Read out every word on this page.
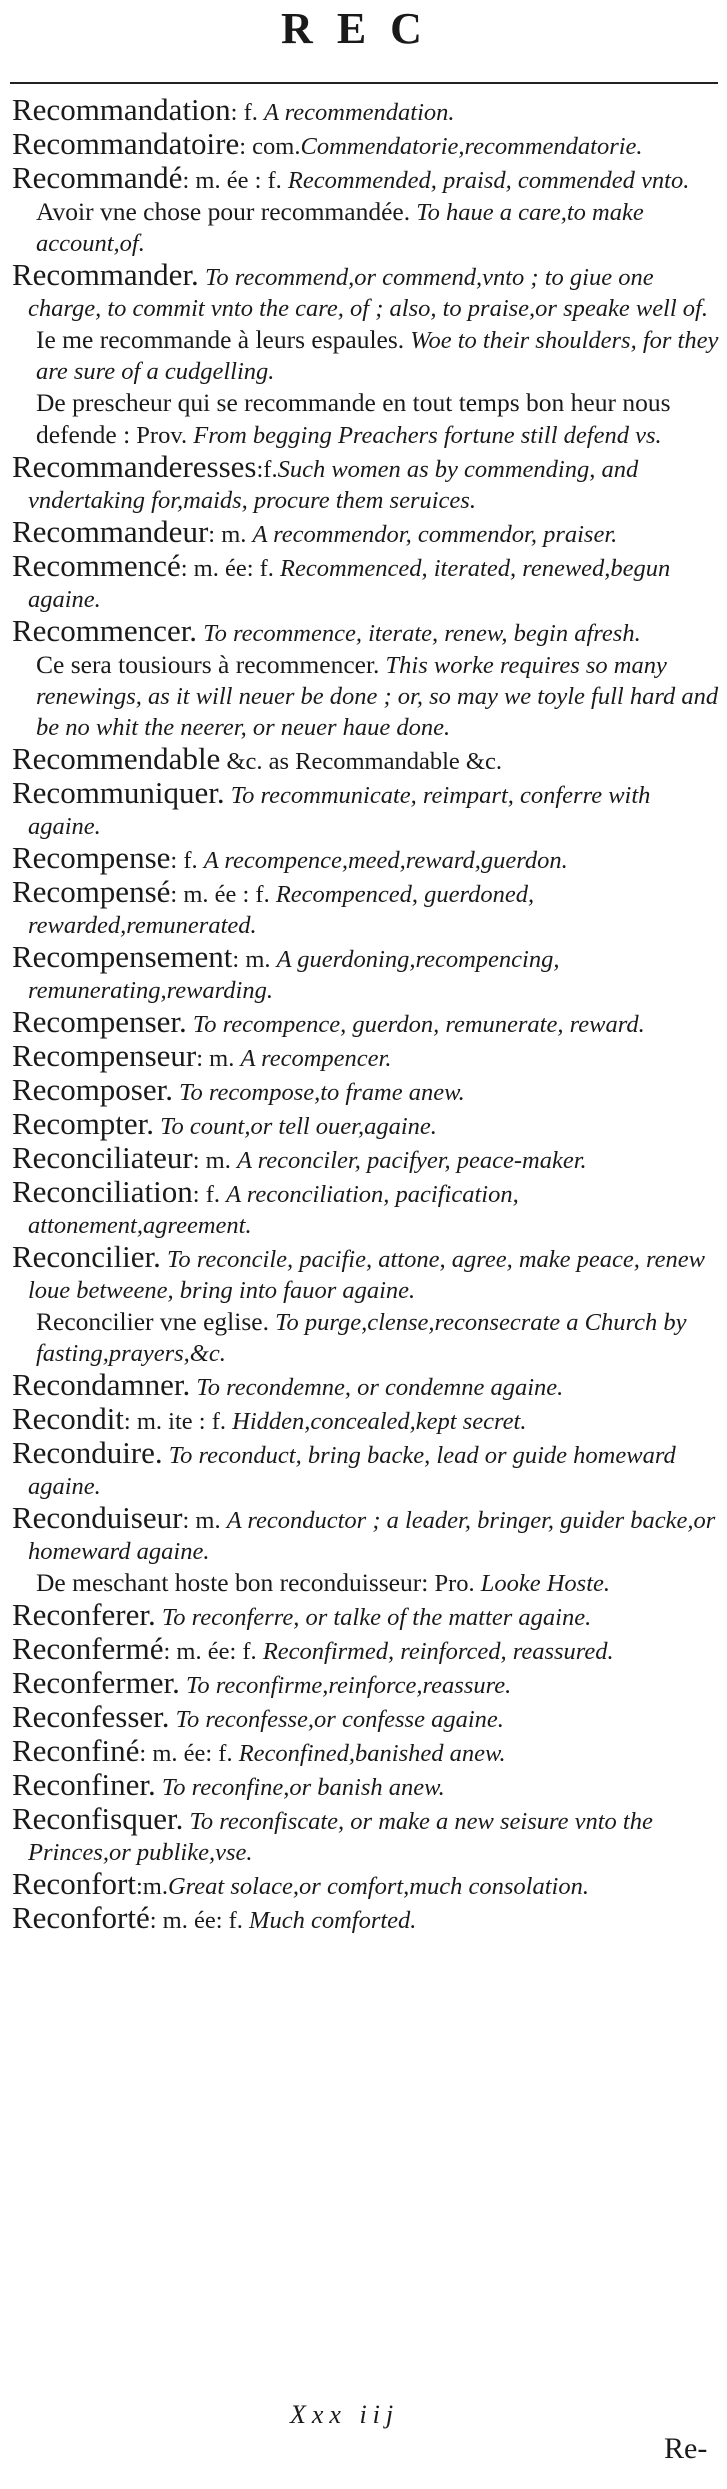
REC

Recommandation: f. A recommendation.

Recommandatoire: com.Commendatorie,recommendatorie.

Recommandé: m. ée : f. Recommended, praisd, commended vnto.

Avoir vne chose pour recommandée. To haue a care,to make account,of.

Recommander. To recommend,or commend,vnto ; to giue one charge, to commit vnto the care, of ; also, to praise,or speake well of.

Ie me recommande à leurs espaules. Woe to their shoulders, for they are sure of a cudgelling.

De prescheur qui se recommande en tout temps bon heur nous defende : Prov. From begging Preachers fortune still defend vs.

Recommanderesses:f.Such women as by commending, and vndertaking for,maids, procure them seruices.

Recommandeur: m. A recommendor, commendor, praiser.

Recommencé: m. ée: f. Recommenced, iterated, renewed,begun againe.

Recommencer. To recommence, iterate, renew, begin afresh.

Ce sera tousiours à recommencer. This worke requires so many renewings, as it will neuer be done ; or, so may we toyle full hard and be no whit the neerer, or neuer haue done.

Recommendable &c. as Recommandable &c.

Recommuniquer. To recommunicate, reimpart, conferre with againe.

Recompense: f. A recompence,meed,reward,guerdon.

Recompensé: m. ée : f. Recompenced, guerdoned, rewarded,remunerated.

Recompensement: m. A guerdoning,recompencing, remunerating,rewarding.

Recompenser. To recompence, guerdon, remunerate, reward.

Recompenseur: m. A recompencer.

Recomposer. To recompose,to frame anew.

Recompter. To count,or tell ouer,againe.

Reconciliateur: m. A reconciler, pacifyer, peace-maker.

Reconciliation: f. A reconciliation, pacification, attonement,agreement.

Reconcilier. To reconcile, pacifie, attone, agree, make peace, renew loue betweene, bring into fauor againe.

Reconcilier vne eglise. To purge,clense,reconsecrate a Church by fasting,prayers,&c.

Recondamner. To recondemne, or condemne againe.

Recondit: m. ite : f. Hidden,concealed,kept secret.

Reconduire. To reconduct, bring backe, lead or guide homeward againe.

Reconduiseur: m. A reconductor ; a leader, bringer, guider backe,or homeward againe.

De meschant hoste bon reconduisseur: Pro. Looke Hoste.

Reconferer. To reconferre, or talke of the matter againe.

Reconfermé: m. ée: f. Reconfirmed, reinforced, reassured.

Reconfermer. To reconfirme,reinforce,reassure.

Reconfesser. To reconfesse,or confesse againe.

Reconfiné: m. ée: f. Reconfined,banished anew.

Reconfiner. To reconfine,or banish anew.

Reconfisquer. To reconfiscate, or make a new seisure vnto the Princes,or publike,vse.

Reconfort:m.Great solace,or comfort,much consolation.

Reconforté: m. ée: f. Much comforted.

Xxx iij
Re-
